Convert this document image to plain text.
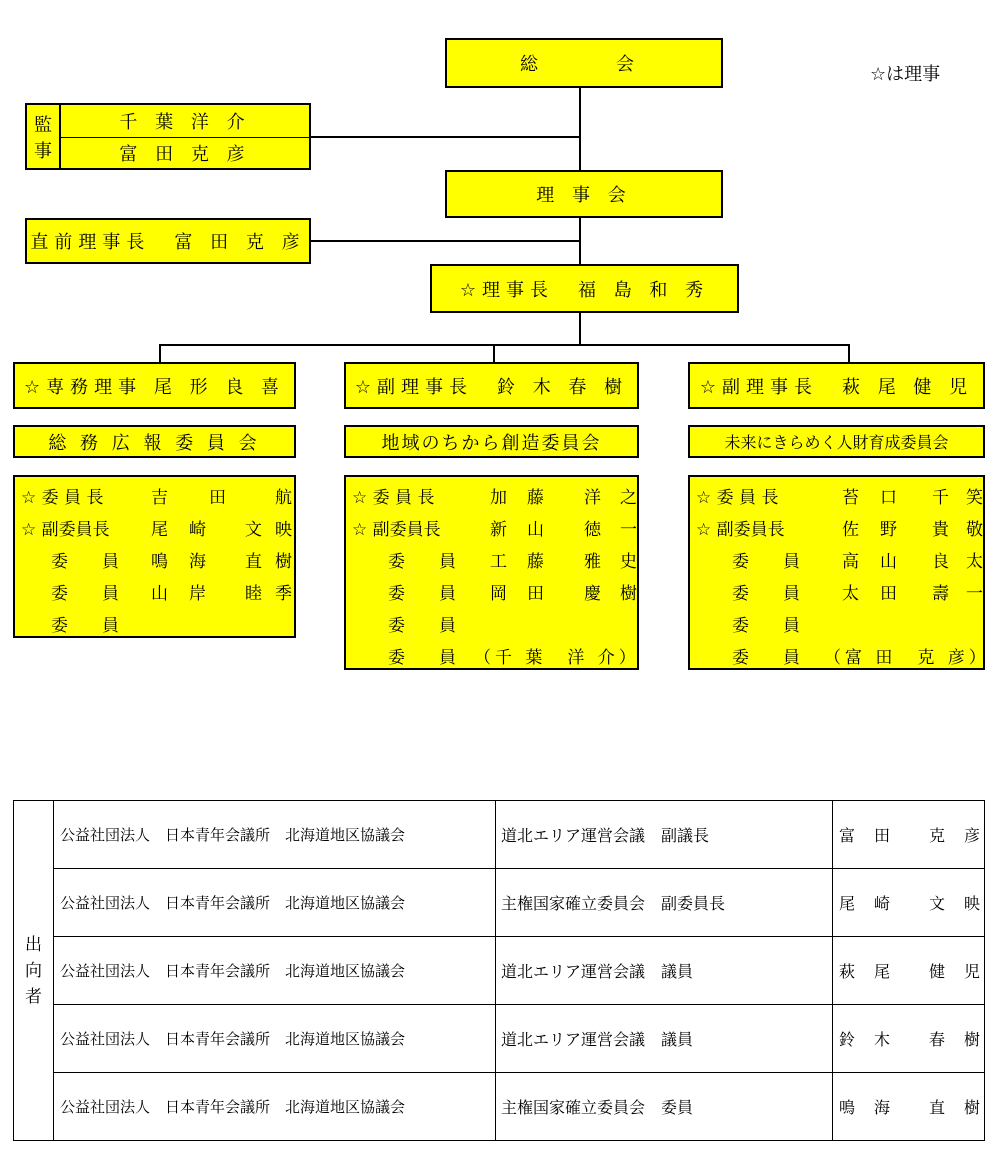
☆は理事
総　　会
監
事
千 葉 洋 介
富 田 克 彦
理 事 会
直前理事長　富 田 克 彦
☆理事長　福 島 和 秀
☆専務理事 尾 形 良 喜
総 務 広 報 委 員 会
☆ 委 員 長	吉 田	航
☆ 副委員長 尾 崎 文 映
委　　員 鳴 海 直 樹
委　　員 山 岸 睦 季
委　　員
☆副理事長　鈴 木 春 樹
地域のちから創造委員会
☆ 委 員 長	加 藤 洋 之
☆ 副委員長	新 山 徳 一
委　　員 工 藤 雅 史
委　　員 岡 田 慶 樹
委　　員
委　　員 （千 葉　洋 介）
☆副理事長　萩 尾 健 児
未来にきらめく人財育成委員会
☆ 委 員 長	苔 口 千 笑
☆ 副委員長	佐 野 貴 敬
委　　員 高 山 良 太
委　　員 太 田 壽 一
委　　員
委　　員 （富 田　克 彦）
出
向
者
公益社団法人　日本青年会議所　北海道地区協議会	道北エリア運営会議　副議長	富 田 克 彦
公益社団法人　日本青年会議所　北海道地区協議会	主権国家確立委員会　副委員長	尾 崎 文 映
公益社団法人　日本青年会議所　北海道地区協議会	道北エリア運営会議　議員	萩 尾 健 児
公益社団法人　日本青年会議所　北海道地区協議会	道北エリア運営会議　議員	鈴 木 春 樹
公益社団法人　日本青年会議所　北海道地区協議会	主権国家確立委員会　委員	鳴 海 直 樹
